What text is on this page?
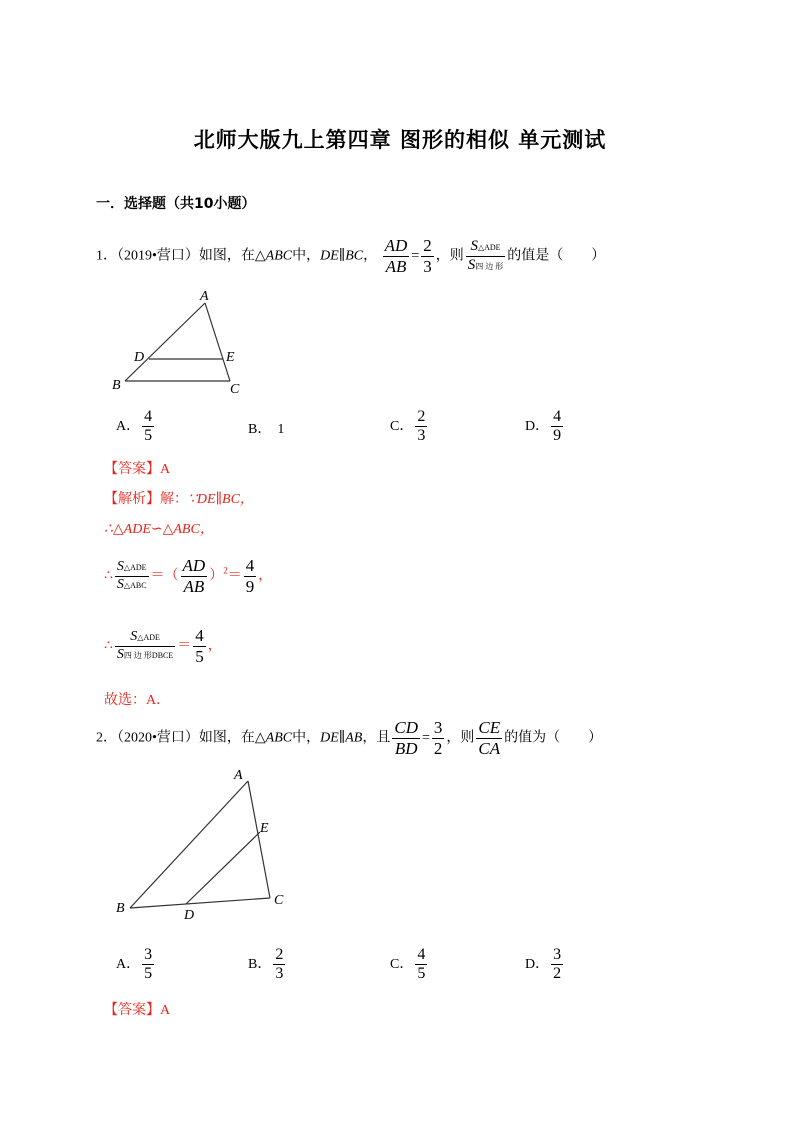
北师大版九上第四章 图形的相似 单元测试
一．选择题（共10小题）
1．（2019•营口）如图，在△ABC中，DE∥BC， $\frac{AD}{AB} = \frac{2}{3}$ ，则 $\frac{\text{S△ADE}}{\text{S四 边 形}}$ 的值是（　　）
A
B	C
D	E
A． $\frac{4}{5}$	B． 1	C． $\frac{2}{3}$	D． $\frac{4}{9}$
【答案】A
【解析】解：∵DE∥BC，
∴△ADE∽△ABC，
∴ $\frac{\text{S△ADE}}{\text{S△ABC}}$ ＝（ $\frac{AD}{AB} )^2= \frac{4}{9}$ ，
∴ $\frac{\text{S△ADE}}{\text{S四 边 形DBCE}} = \frac{4}{5}$ ，
故选：A．
2．（2020•营口）如图，在△ABC中，DE∥AB，且 $\frac{CD}{BD} = \frac{3}{2}$ ，则 $\frac{CE}{CA}$ 的值为（　　）
A
B
C
D
E
A． $\frac{3}{5}$	B． $\frac{2}{3}$	C． $\frac{4}{5}$	D． $\frac{3}{2}$
【答案】A
